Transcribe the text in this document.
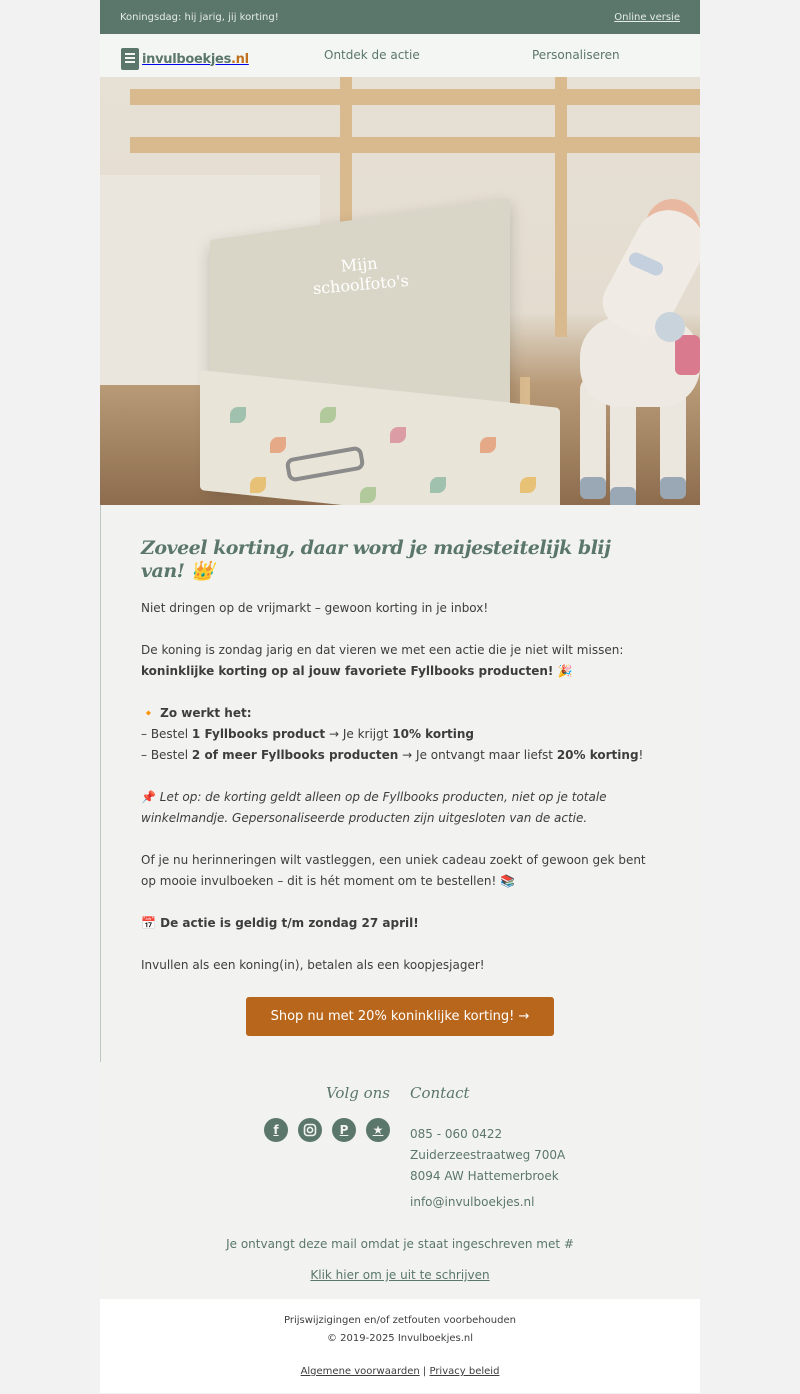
Koningsdag: hij jarig, jij korting!	Online versie
invulboekjes.nl	Ontdek de actie	Personaliseren
Mijn
schoolfoto's
Zoveel korting, daar word je majesteitelijk blij van! 👑

Niet dringen op de vrijmarkt – gewoon korting in je inbox!

De koning is zondag jarig en dat vieren we met een actie die je niet wilt missen:
koninklijke korting op al jouw favoriete Fyllbooks producten! 🎉

🔸 Zo werkt het:
– Bestel 1 Fyllbooks product → Je krijgt 10% korting
– Bestel 2 of meer Fyllbooks producten → Je ontvangt maar liefst 20% korting!

📌 Let op: de korting geldt alleen op de Fyllbooks producten, niet op je totale winkelmandje. Gepersonaliseerde producten zijn uitgesloten van de actie.

Of je nu herinneringen wilt vastleggen, een uniek cadeau zoekt of gewoon gek bent op mooie invulboeken – dit is hét moment om te bestellen! 📚

📅 De actie is geldig t/m zondag 27 april!

Invullen als een koning(in), betalen als een koopjesjager!

Shop nu met 20% koninklijke korting! →
Volg ons Contact
f	P	★	085 - 060 0422
Zuiderzeestraatweg 700A
8094 AW Hattemerbroek
info@invulboekjes.nl
Je ontvangt deze mail omdat je staat ingeschreven met #
Klik hier om je uit te schrijven
Prijswijzigingen en/of zetfouten voorbehouden
© 2019-2025 Invulboekjes.nl
Algemene voorwaarden | Privacy beleid
